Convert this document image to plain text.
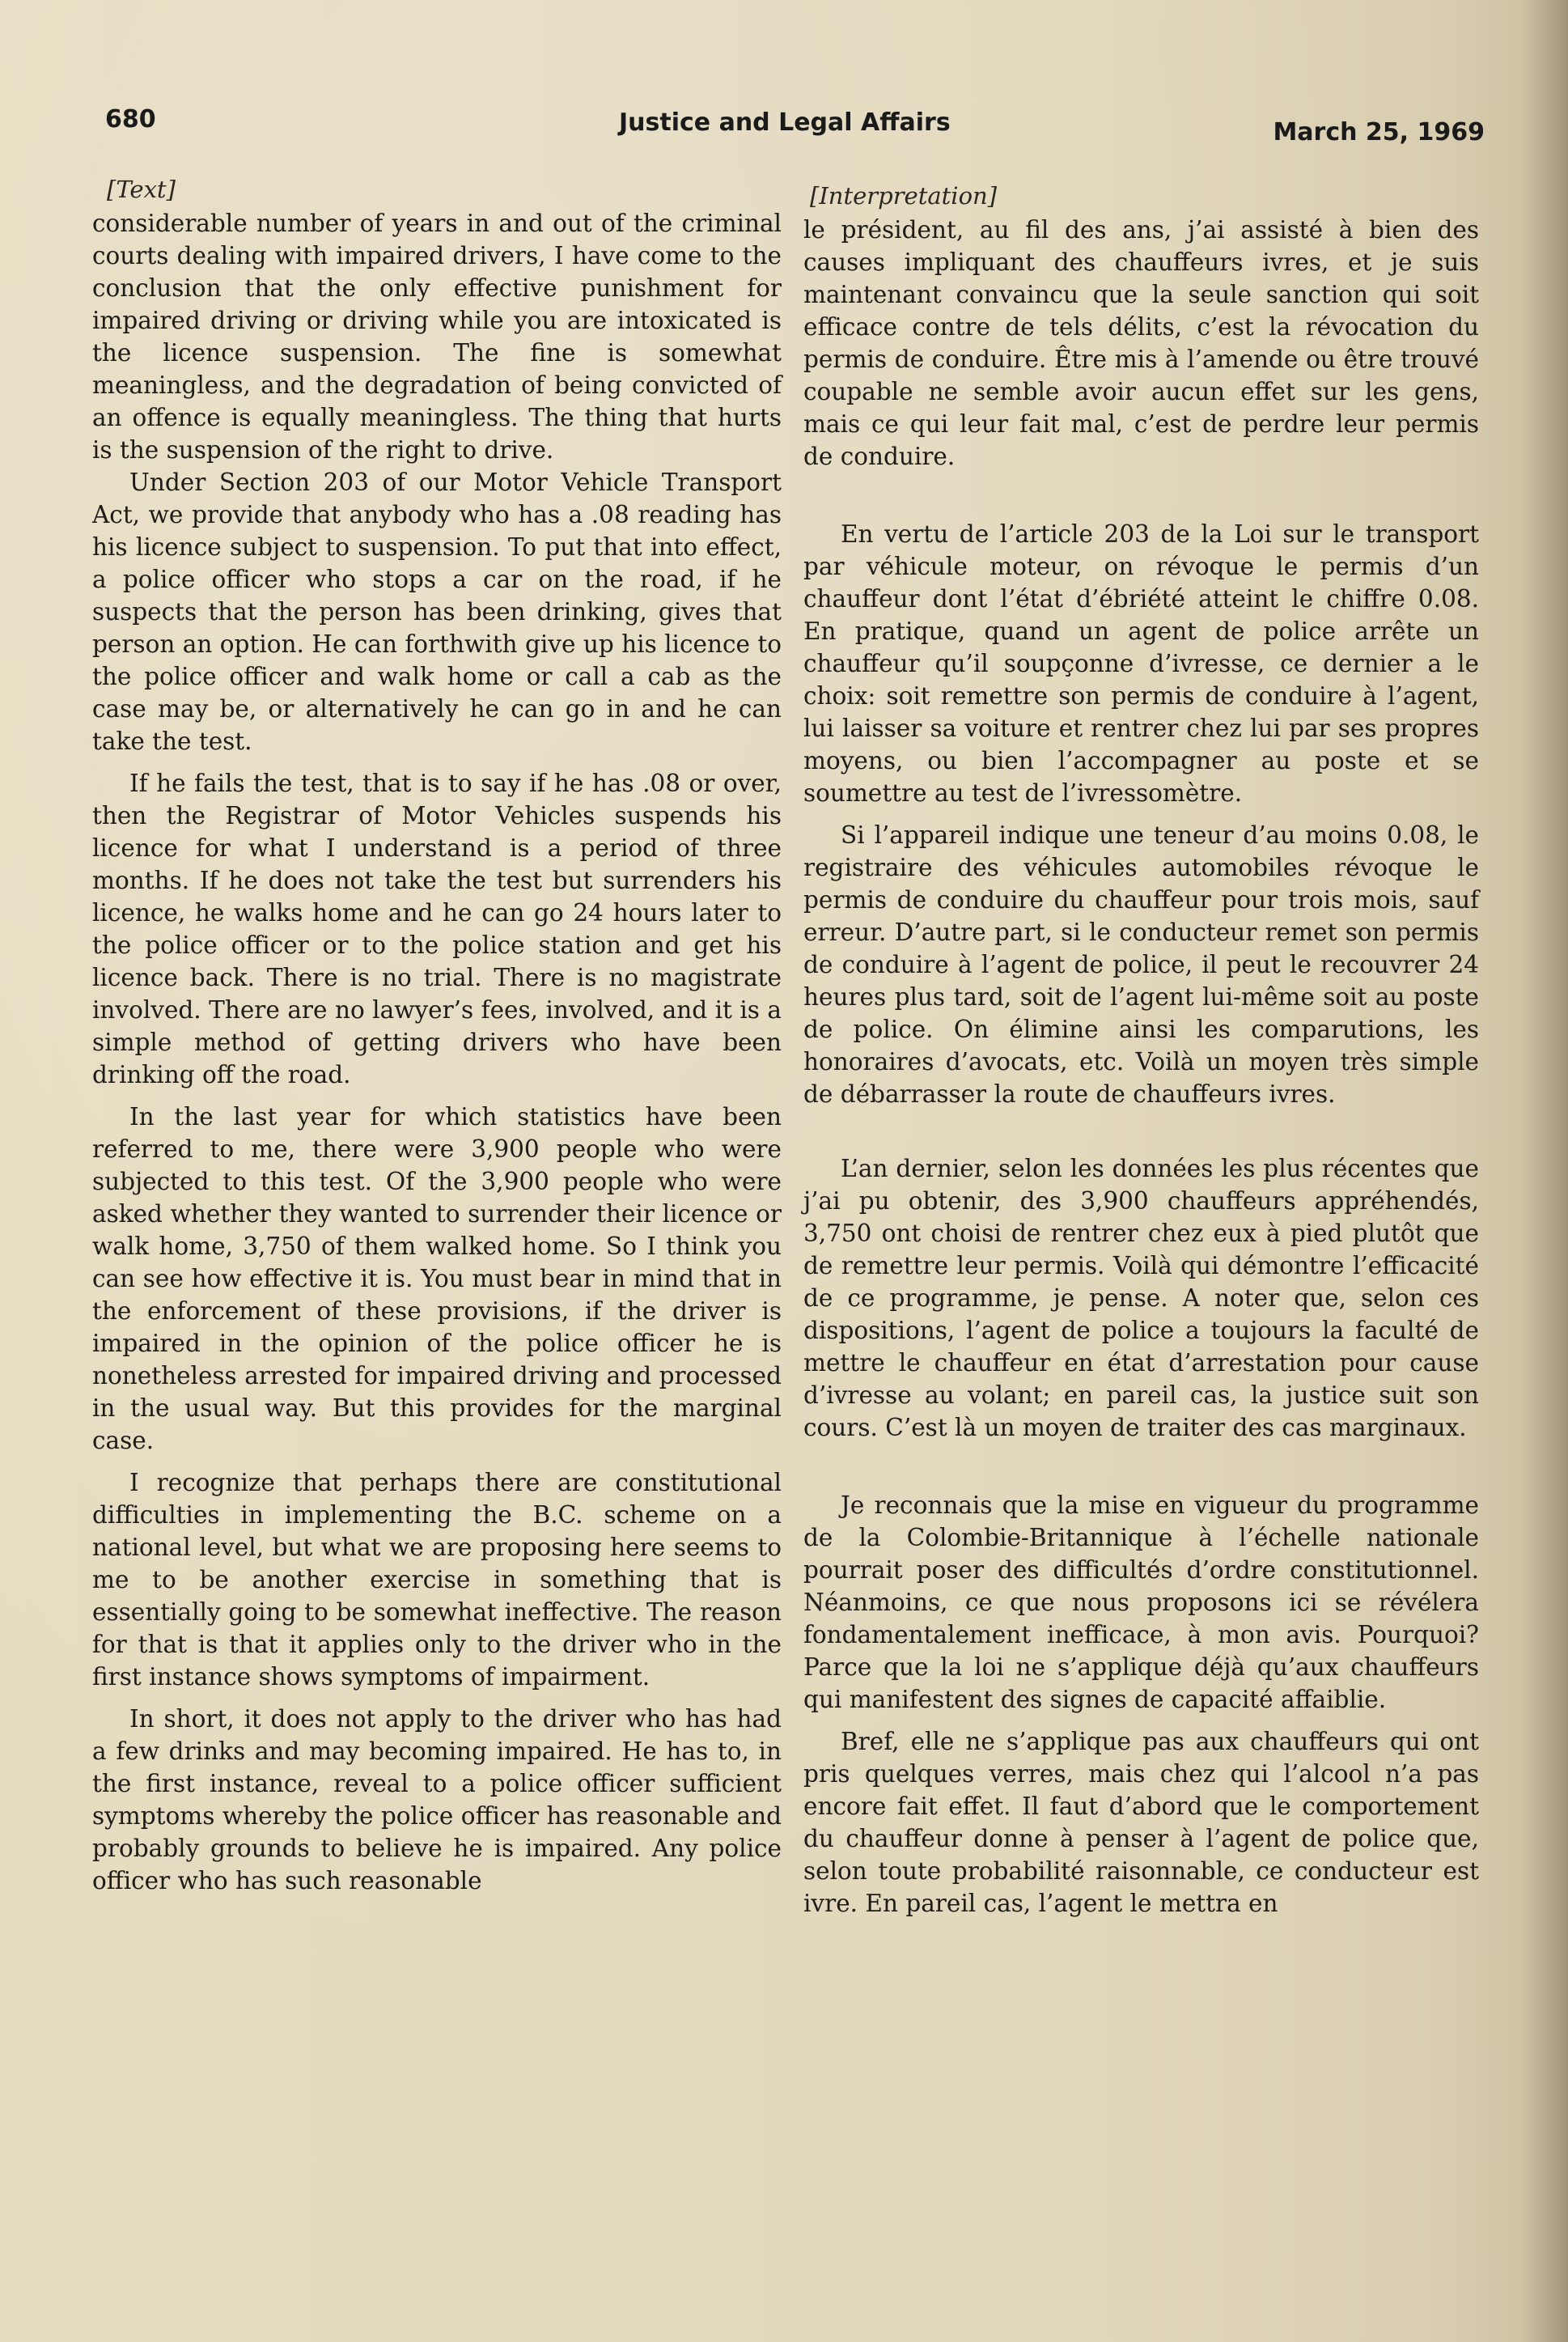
680	Justice and Legal Affairs	March 25, 1969
[Text]

considerable number of years in and out of the criminal courts dealing with impaired drivers, I have come to the conclusion that the only effective punishment for impaired driving or driving while you are intoxicated is the licence suspension. The fine is somewhat meaningless, and the degradation of being convicted of an offence is equally meaningless. The thing that hurts is the suspension of the right to drive.

Under Section 203 of our Motor Vehicle Transport Act, we provide that anybody who has a .08 reading has his licence subject to suspension. To put that into effect, a police officer who stops a car on the road, if he suspects that the person has been drinking, gives that person an option. He can forthwith give up his licence to the police officer and walk home or call a cab as the case may be, or alternatively he can go in and he can take the test.

If he fails the test, that is to say if he has .08 or over, then the Registrar of Motor Vehicles suspends his licence for what I understand is a period of three months. If he does not take the test but surrenders his licence, he walks home and he can go 24 hours later to the police officer or to the police station and get his licence back. There is no trial. There is no magistrate involved. There are no lawyer’s fees, involved, and it is a simple method of getting drivers who have been drinking off the road.

In the last year for which statistics have been referred to me, there were 3,900 people who were subjected to this test. Of the 3,900 people who were asked whether they wanted to surrender their licence or walk home, 3,750 of them walked home. So I think you can see how effective it is. You must bear in mind that in the enforcement of these provisions, if the driver is impaired in the opinion of the police officer he is nonetheless arrested for impaired driving and processed in the usual way. But this provides for the marginal case.

I recognize that perhaps there are constitutional difficulties in implementing the B.C. scheme on a national level, but what we are proposing here seems to me to be another exercise in something that is essentially going to be somewhat ineffective. The reason for that is that it applies only to the driver who in the first instance shows symptoms of impairment.

In short, it does not apply to the driver who has had a few drinks and may becoming impaired. He has to, in the first instance, reveal to a police officer sufficient symptoms whereby the police officer has reasonable and probably grounds to believe he is impaired. Any police officer who has such reasonable

[Interpretation]

le président, au fil des ans, j’ai assisté à bien des causes impliquant des chauffeurs ivres, et je suis maintenant convaincu que la seule sanction qui soit efficace contre de tels délits, c’est la révocation du permis de conduire. Être mis à l’amende ou être trouvé coupable ne semble avoir aucun effet sur les gens, mais ce qui leur fait mal, c’est de perdre leur permis de conduire.

En vertu de l’article 203 de la Loi sur le transport par véhicule moteur, on révoque le permis d’un chauffeur dont l’état d’ébriété atteint le chiffre 0.08. En pratique, quand un agent de police arrête un chauffeur qu’il soupçonne d’ivresse, ce dernier a le choix: soit remettre son permis de conduire à l’agent, lui laisser sa voiture et rentrer chez lui par ses propres moyens, ou bien l’accompagner au poste et se soumettre au test de l’ivressomètre.

Si l’appareil indique une teneur d’au moins 0.08, le registraire des véhicules automobiles révoque le permis de conduire du chauffeur pour trois mois, sauf erreur. D’autre part, si le conducteur remet son permis de conduire à l’agent de police, il peut le recouvrer 24 heures plus tard, soit de l’agent lui-même soit au poste de police. On élimine ainsi les comparutions, les honoraires d’avocats, etc. Voilà un moyen très simple de débarrasser la route de chauffeurs ivres.

L’an dernier, selon les données les plus récentes que j’ai pu obtenir, des 3,900 chauffeurs appréhendés, 3,750 ont choisi de rentrer chez eux à pied plutôt que de remettre leur permis. Voilà qui démontre l’efficacité de ce programme, je pense. A noter que, selon ces dispositions, l’agent de police a toujours la faculté de mettre le chauffeur en état d’arrestation pour cause d’ivresse au volant; en pareil cas, la justice suit son cours. C’est là un moyen de traiter des cas marginaux.

Je reconnais que la mise en vigueur du programme de la Colombie-Britannique à l’échelle nationale pourrait poser des difficultés d’ordre constitutionnel. Néanmoins, ce que nous proposons ici se révélera fondamentalement inefficace, à mon avis. Pourquoi? Parce que la loi ne s’applique déjà qu’aux chauffeurs qui manifestent des signes de capacité affaiblie.

Bref, elle ne s’applique pas aux chauffeurs qui ont pris quelques verres, mais chez qui l’alcool n’a pas encore fait effet. Il faut d’abord que le comportement du chauffeur donne à penser à l’agent de police que, selon toute probabilité raisonnable, ce conducteur est ivre. En pareil cas, l’agent le mettra en
